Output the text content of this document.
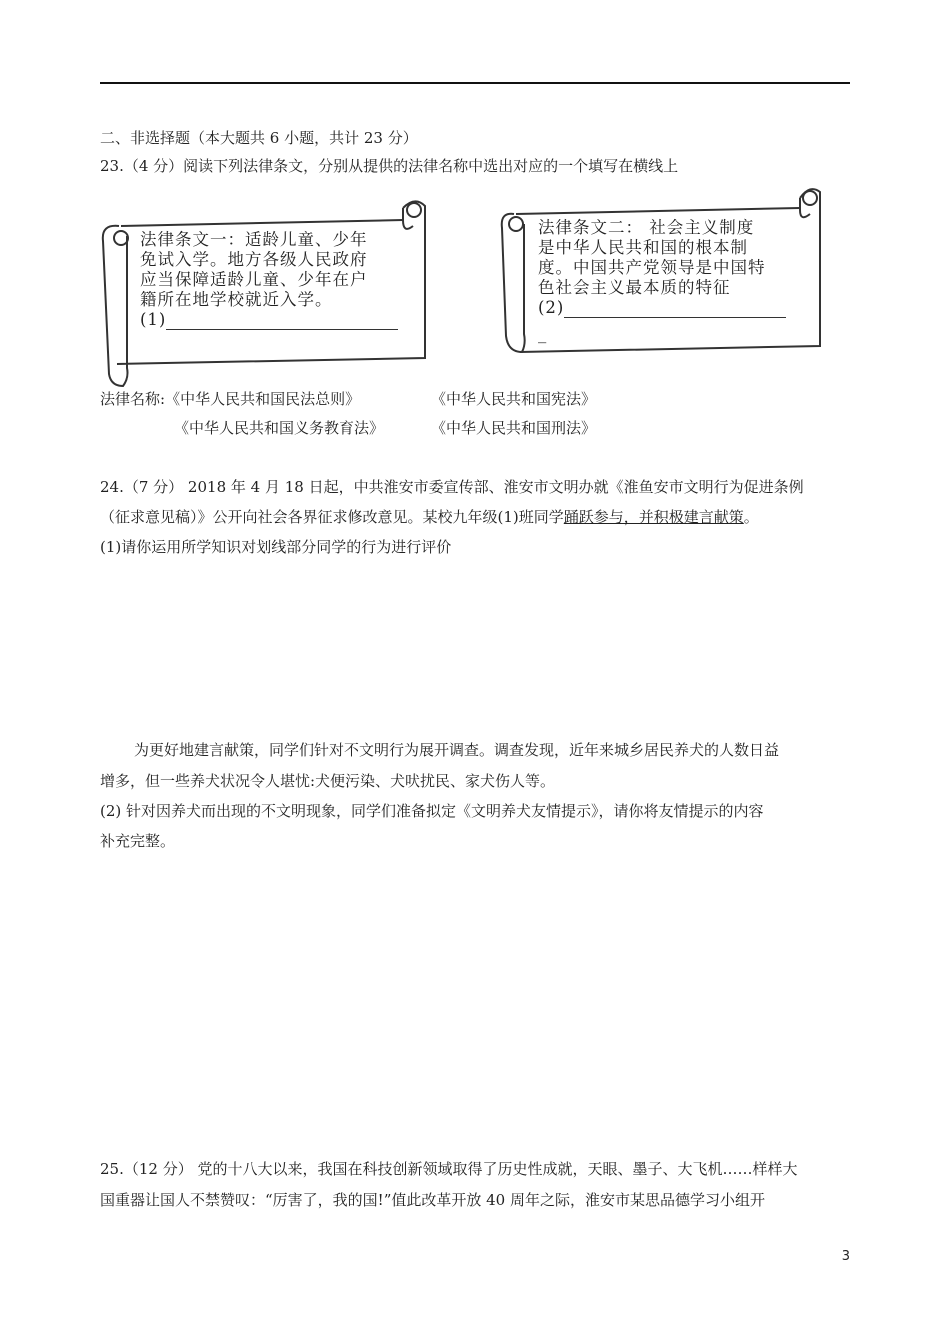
二、非选择题（本大题共 6 小题，共计 23 分）
23.（4 分）阅读下列法律条文，分别从提供的法律名称中选出对应的一个填写在横线上
法律条文一：适龄儿童、少年
免试入学。地方各级人民政府
应当保障适龄儿童、少年在户
籍所在地学校就近入学。
(1)
法律条文二： 社会主义制度
是中华人民共和国的根本制
度。中国共产党领导是中国特
色社会主义最本质的特征
(2)
_
法律名称:《中华人民共和国民法总则》	《中华人民共和国宪法》
《中华人民共和国义务教育法》	《中华人民共和国刑法》
24.（7 分） 2018 年 4 月 18 日起，中共淮安市委宣传部、淮安市文明办就《淮鱼安市文明行为促进条例
（征求意见稿）》公开向社会各界征求修改意见。某校九年级(1)班同学踊跃参与，并积极建言献策。
(1)请你运用所学知识对划线部分同学的行为进行评价
为更好地建言献策，同学们针对不文明行为展开调查。调查发现，近年来城乡居民养犬的人数日益
增多，但一些养犬状况令人堪忧:犬便污染、犬吠扰民、家犬伤人等。
(2) 针对因养犬而出现的不文明现象，同学们准备拟定《文明养犬友情提示》，请你将友情提示的内容
补充完整。
25.（12 分） 党的十八大以来，我国在科技创新领域取得了历史性成就，天眼、墨子、大飞机……样样大
国重器让国人不禁赞叹：“厉害了，我的国!”值此改革开放 40 周年之际，淮安市某思品德学习小组开
3
